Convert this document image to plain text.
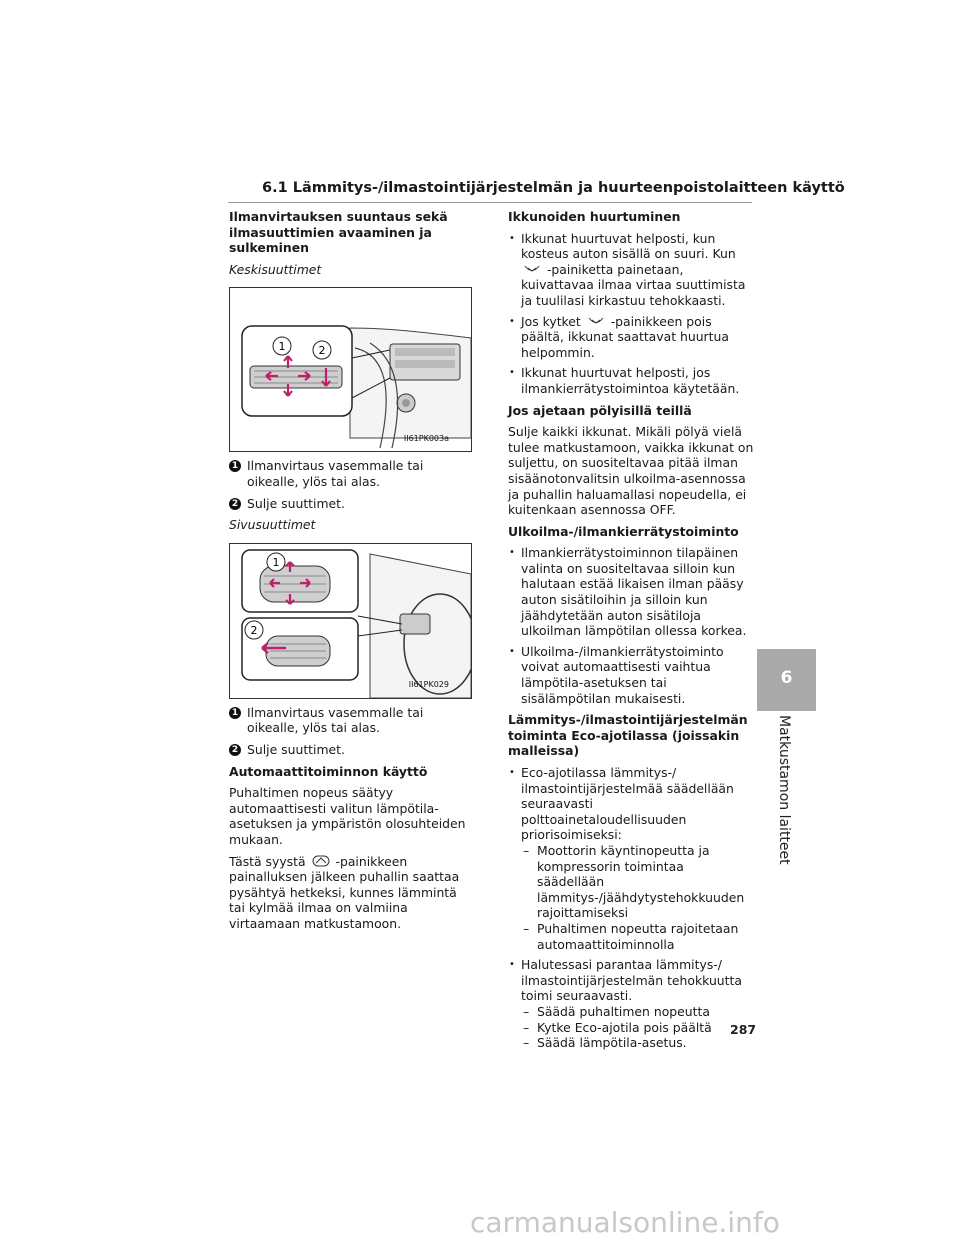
6.1 Lämmitys-/ilmastointijärjestelmän ja huurteenpoistolaitteen käyttö
Ilmanvirtauksen suuntaus sekä ilmasuuttimien avaaminen ja sulkeminen

Keskisuuttimet

1	2
II61PK003a
1 Ilmanvirtaus vasemmalle tai oikealle, ylös tai alas.
2 Sulje suuttimet.

Sivusuuttimet

1
2
II61PK029
1 Ilmanvirtaus vasemmalle tai oikealle, ylös tai alas.
2 Sulje suuttimet.
Automaattitoiminnon käyttö

Puhaltimen nopeus säätyy automaattisesti valitun lämpötila-asetuksen ja ympäristön olosuhteiden mukaan.

Tästä syystä -painikkeen painalluksen jälkeen puhallin saattaa pysähtyä hetkeksi, kunnes lämmintä tai kylmää ilmaa on valmiina virtaamaan matkustamoon.

Ikkunoiden huurtuminen
• Ikkunat huurtuvat helposti, kun kosteus auton sisällä on suuri. Kun  -painiketta painetaan, kuivattavaa ilmaa virtaa suuttimista ja tuulilasi kirkastuu tehokkaasti.
• Jos kytket -painikkeen pois päältä, ikkunat saattavat huurtua helpommin.
• Ikkunat huurtuvat helposti, jos ilmankierrätystoimintoa käytetään.
Jos ajetaan pölyisillä teillä

Sulje kaikki ikkunat. Mikäli pölyä vielä tulee matkustamoon, vaikka ikkunat on suljettu, on suositeltavaa pitää ilman sisäänotonvalitsin ulkoilma-asennossa ja puhallin haluamallasi nopeudella, ei kuitenkaan asennossa OFF.

Ulkoilma-/ilmankierrätystoiminto
• Ilmankierrätystoiminnon tilapäinen valinta on suositeltavaa silloin kun halutaan estää likaisen ilman pääsy auton sisätiloihin ja silloin kun jäähdytetään auton sisätiloja ulkoilman lämpötilan ollessa korkea.
• Ulkoilma-/ilmankierrätystoiminto voivat automaattisesti vaihtua lämpötila-asetuksen tai sisälämpötilan mukaisesti.
Lämmitys-/ilmastointijärjestelmän toiminta Eco-ajotilassa (joissakin malleissa)
• Eco-ajotilassa lämmitys-/ ilmastointijärjestelmää säädellään seuraavasti polttoainetaloudellisuuden priorisoimiseksi:
– Moottorin käyntinopeutta ja kompressorin toimintaa säädellään lämmitys-/jäähdytystehokkuuden rajoittamiseksi
– Puhaltimen nopeutta rajoitetaan automaattitoiminnolla
• Halutessasi parantaa lämmitys-/ ilmastointijärjestelmän tehokkuutta toimi seuraavasti.
– Säädä puhaltimen nopeutta
– Kytke Eco-ajotila pois päältä
– Säädä lämpötila-asetus.
6
Matkustamon laitteet
287
carmanualsonline.info
